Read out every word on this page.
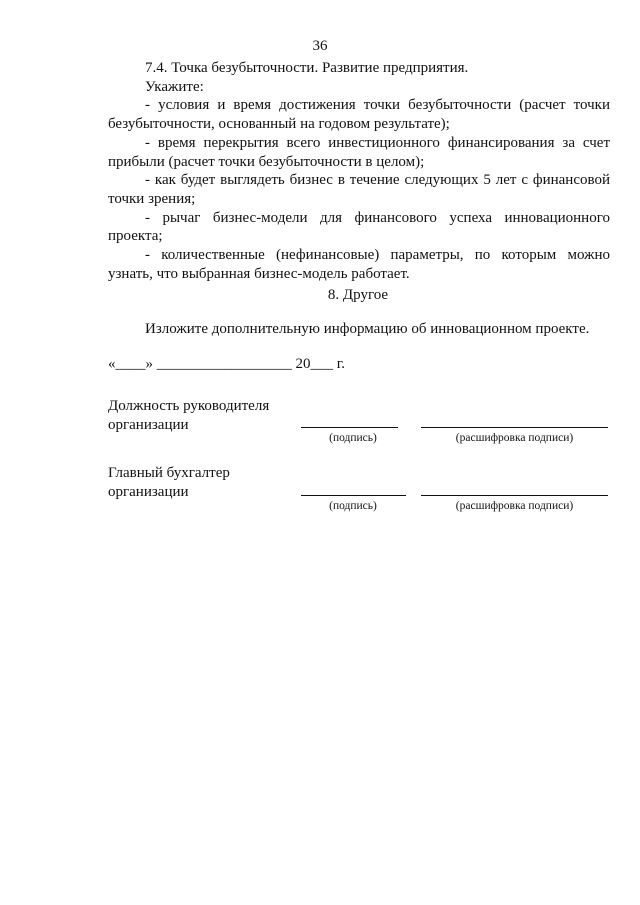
36

7.4. Точка безубыточности. Развитие предприятия.

Укажите:

- условия и время достижения точки безубыточности (расчет точки безубыточности, основанный на годовом результате);

- время перекрытия всего инвестиционного финансирования за счет прибыли (расчет точки безубыточности в целом);

- как будет выглядеть бизнес в течение следующих 5 лет с финансовой точки зрения;

- рычаг бизнес-модели для финансового успеха инновационного проекта;

- количественные (нефинансовые) параметры, по которым можно узнать, что выбранная бизнес-модель работает.

8. Другое
Изложите дополнительную информацию об инновационном проекте.
«____» __________________ 20___ г.
Должность руководителя организации
(подпись)	(расшифровка подписи)
Главный бухгалтер организации
(подпись)	(расшифровка подписи)
